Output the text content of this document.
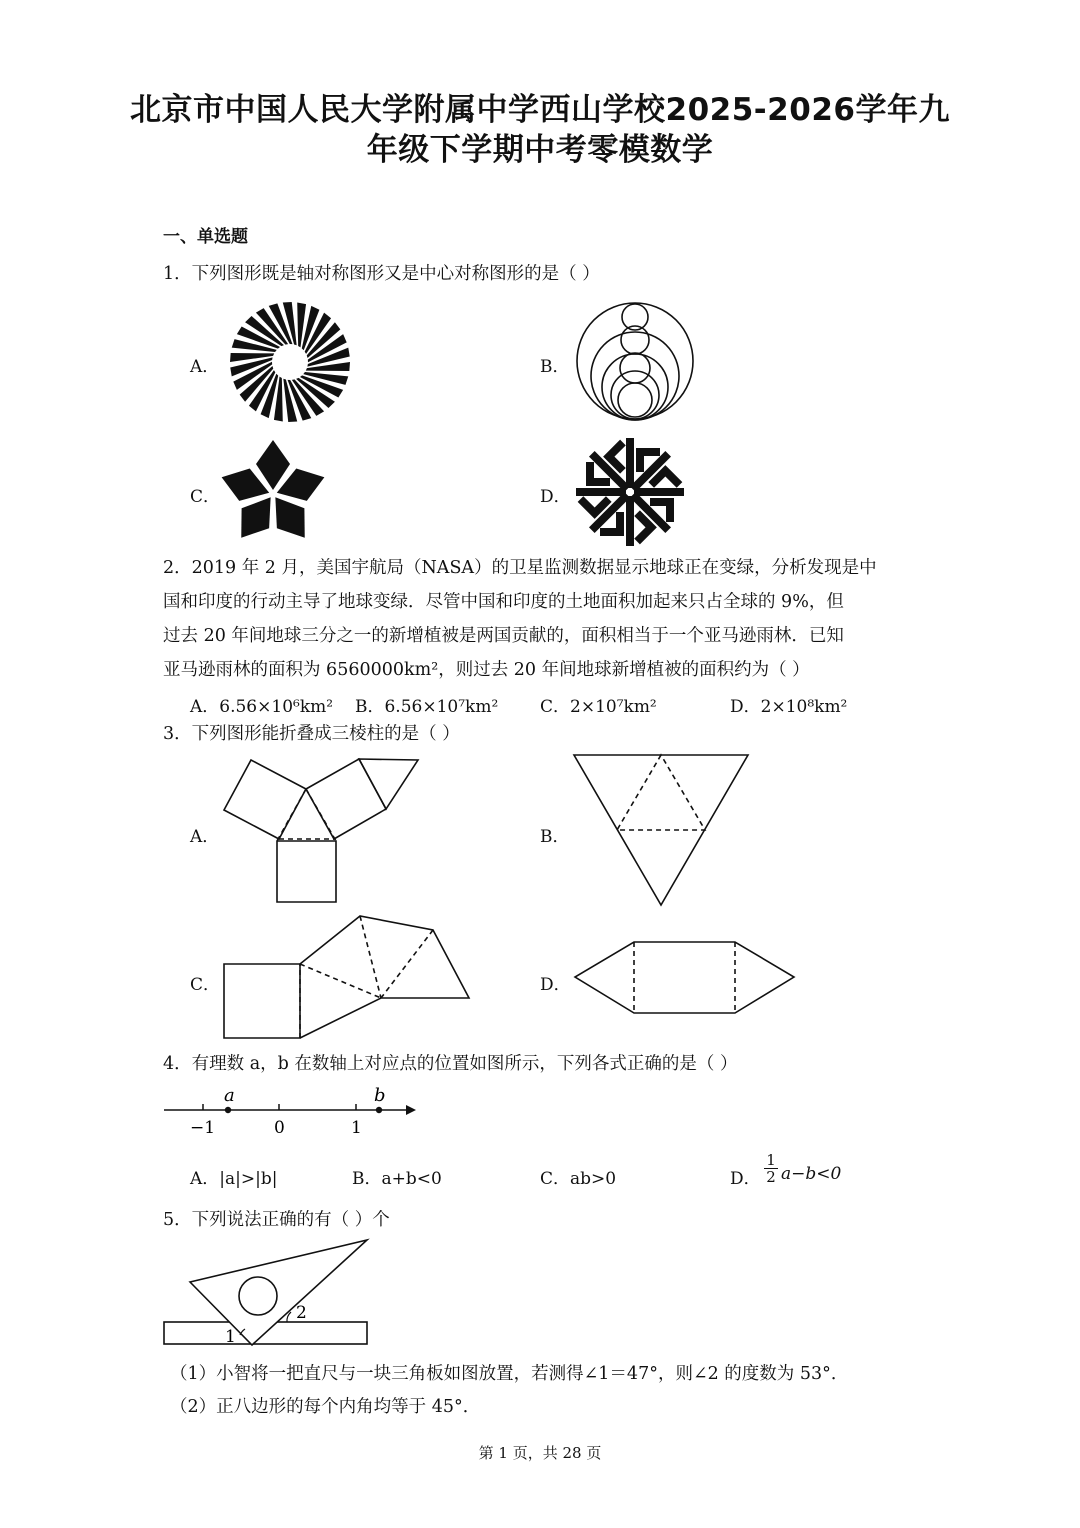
北京市中国人民大学附属中学西山学校2025-2026学年九
年级下学期中考零模数学
一、单选题
1．下列图形既是轴对称图形又是中心对称图形的是（ ）
A．	B．
C．	D．
2．2019 年 2 月，美国宇航局（NASA）的卫星监测数据显示地球正在变绿，分析发现是中
国和印度的行动主导了地球变绿．尽管中国和印度的土地面积加起来只占全球的 9%，但
过去 20 年间地球三分之一的新增植被是两国贡献的，面积相当于一个亚马逊雨林．已知
亚马逊雨林的面积为 6560000km²，则过去 20 年间地球新增植被的面积约为（ ）
A．6.56×10⁶km² B．6.56×10⁷km² C．2×10⁷km²	D．2×10⁸km²
3．下列图形能折叠成三棱柱的是（ ）
A．	B．
C．	D．
4．有理数 a，b 在数轴上对应点的位置如图所示，下列各式正确的是（ ）
a	b
−1	0	1
A．|a|>|b|	B．a+b<0	C．ab>0	D． $\frac{1}{2} a-b<0$
5．下列说法正确的有（ ）个
1
2
（1）小智将一把直尺与一块三角板如图放置，若测得∠1＝47°，则∠2 的度数为 53°．
（2）正八边形的每个内角均等于 45°．
第 1 页，共 28 页
